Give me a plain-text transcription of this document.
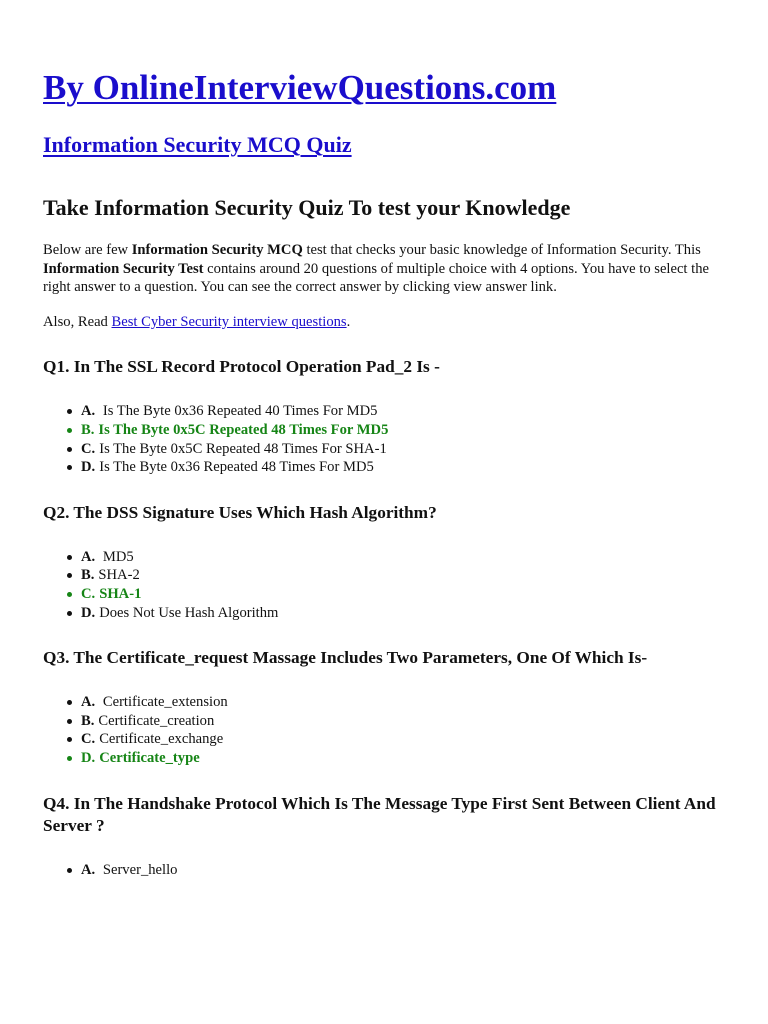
By OnlineInterviewQuestions.com
Information Security MCQ Quiz
Take Information Security Quiz To test your Knowledge

Below are few Information Security MCQ test that checks your basic knowledge of Information Security. This Information Security Test contains around 20 questions of multiple choice with 4 options. You have to select the right answer to a question. You can see the correct answer by clicking view answer link.

Also, Read Best Cyber Security interview questions.

Q1. In The SSL Record Protocol Operation Pad_2 Is -
A. Is The Byte 0x36 Repeated 40 Times For MD5
B. Is The Byte 0x5C Repeated 48 Times For MD5
C. Is The Byte 0x5C Repeated 48 Times For SHA-1
D. Is The Byte 0x36 Repeated 48 Times For MD5
Q2. The DSS Signature Uses Which Hash Algorithm?
A. MD5
B. SHA-2
C. SHA-1
D. Does Not Use Hash Algorithm
Q3. The Certificate_request Massage Includes Two Parameters, One Of Which Is-
A. Certificate_extension
B. Certificate_creation
C. Certificate_exchange
D. Certificate_type
Q4. In The Handshake Protocol Which Is The Message Type First Sent Between Client And Server ?
A. Server_hello
